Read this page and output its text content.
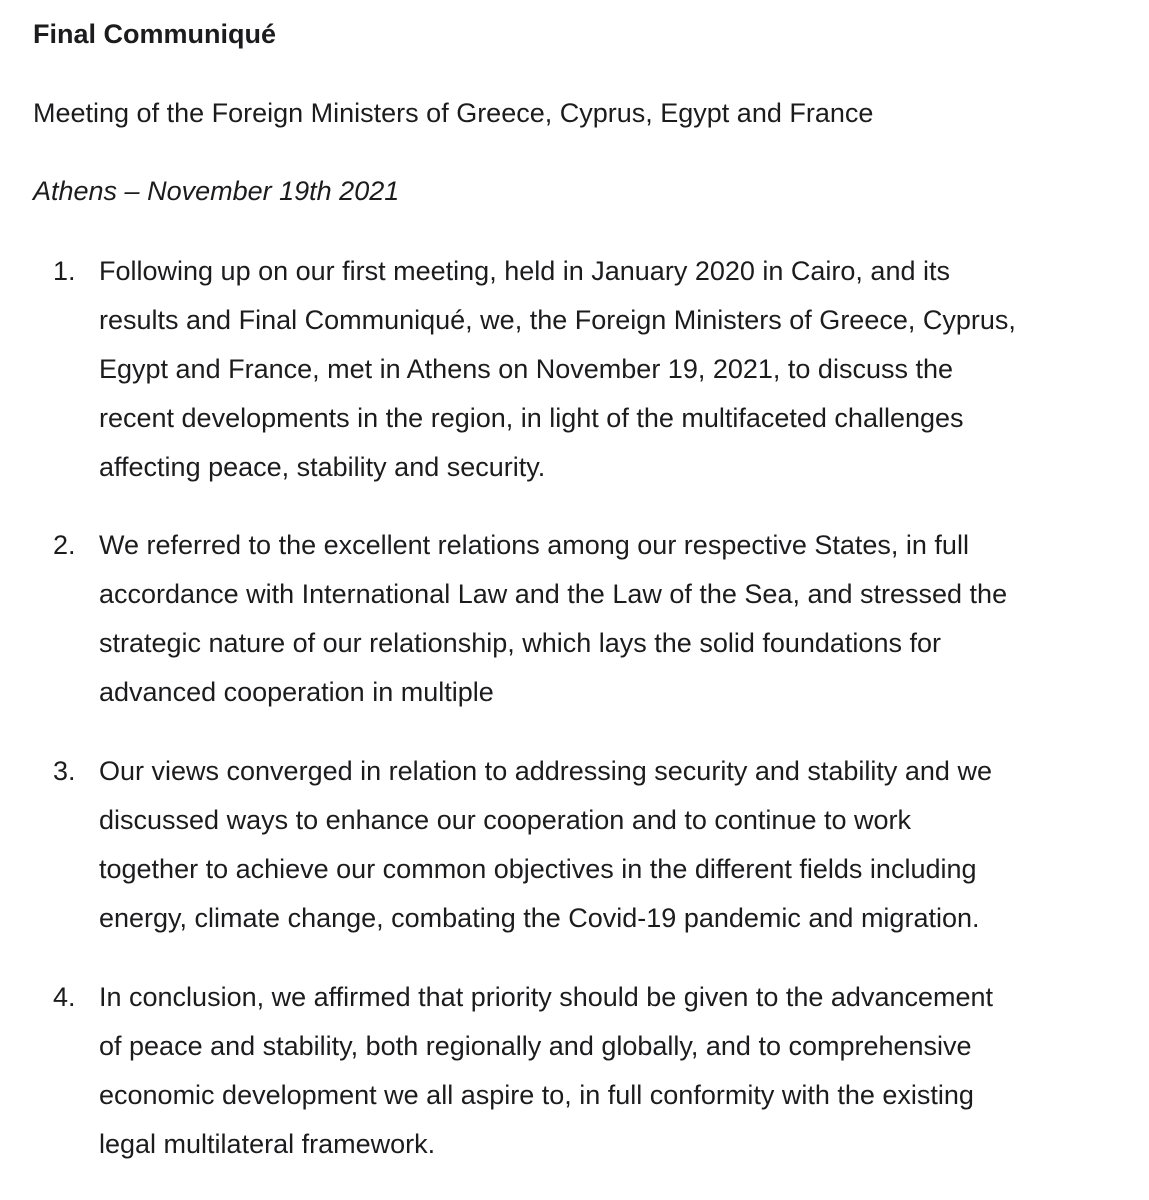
Final Communiqué
Meeting of the Foreign Ministers of Greece, Cyprus, Egypt and France
Athens – November 19th 2021
1. Following up on our first meeting, held in January 2020 in Cairo, and its
results and Final Communiqué, we, the Foreign Ministers of Greece, Cyprus,
Egypt and France, met in Athens on November 19, 2021, to discuss the
recent developments in the region, in light of the multifaceted challenges
affecting peace, stability and security.
2. We referred to the excellent relations among our respective States, in full
accordance with International Law and the Law of the Sea, and stressed the
strategic nature of our relationship, which lays the solid foundations for
advanced cooperation in multiple
3. Our views converged in relation to addressing security and stability and we
discussed ways to enhance our cooperation and to continue to work
together to achieve our common objectives in the different fields including
energy, climate change, combating the Covid-19 pandemic and migration.
4. In conclusion, we affirmed that priority should be given to the advancement
of peace and stability, both regionally and globally, and to comprehensive
economic development we all aspire to, in full conformity with the existing
legal multilateral framework.
